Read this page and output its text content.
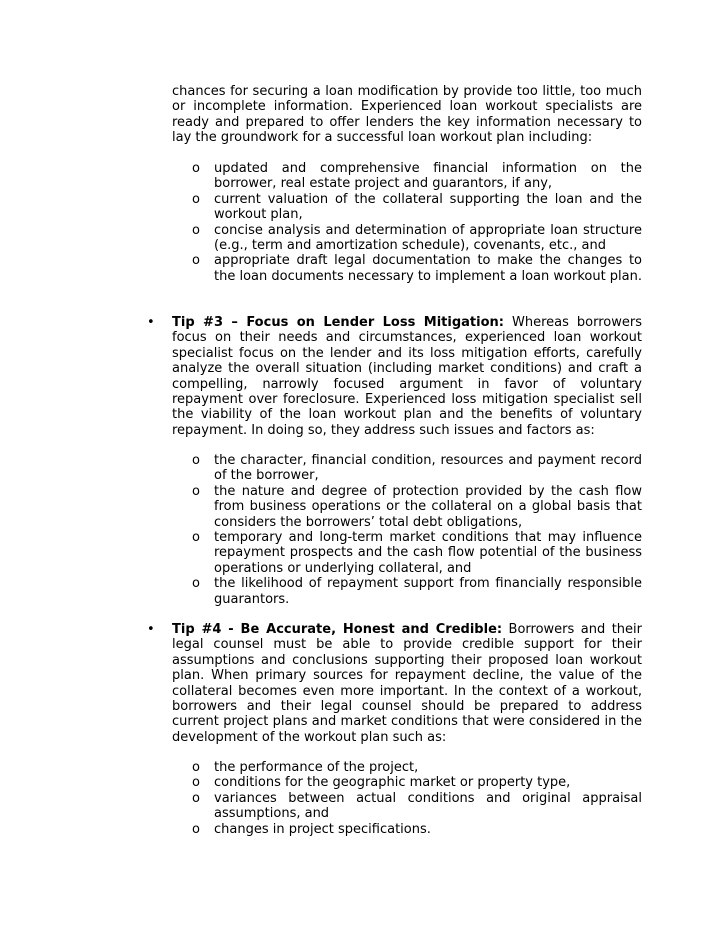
chances for securing a loan modification by provide too little, too much or incomplete information. Experienced loan workout specialists are ready and prepared to offer lenders the key information necessary to lay the groundwork for a successful loan workout plan including:
o updated and comprehensive financial information on the borrower, real estate project and guarantors, if any,
o current valuation of the collateral supporting the loan and the workout plan,
o concise analysis and determination of appropriate loan structure (e.g., term and amortization schedule), covenants, etc., and
o appropriate draft legal documentation to make the changes to the loan documents necessary to implement a loan workout plan.
• Tip #3 – Focus on Lender Loss Mitigation: Whereas borrowers focus on their needs and circumstances, experienced loan workout specialist focus on the lender and its loss mitigation efforts, carefully analyze the overall situation (including market conditions) and craft a compelling, narrowly focused argument in favor of voluntary repayment over foreclosure. Experienced loss mitigation specialist sell the viability of the loan workout plan and the benefits of voluntary repayment. In doing so, they address such issues and factors as:
o the character, financial condition, resources and payment record of the borrower,
o the nature and degree of protection provided by the cash flow from business operations or the collateral on a global basis that considers the borrowers’ total debt obligations,
o temporary and long-term market conditions that may influence repayment prospects and the cash flow potential of the business operations or underlying collateral, and
o the likelihood of repayment support from financially responsible guarantors.
• Tip #4 - Be Accurate, Honest and Credible: Borrowers and their legal counsel must be able to provide credible support for their assumptions and conclusions supporting their proposed loan workout plan. When primary sources for repayment decline, the value of the collateral becomes even more important. In the context of a workout, borrowers and their legal counsel should be prepared to address current project plans and market conditions that were considered in the development of the workout plan such as:
o the performance of the project,
o conditions for the geographic market or property type,
o variances between actual conditions and original appraisal assumptions, and
o changes in project specifications.
